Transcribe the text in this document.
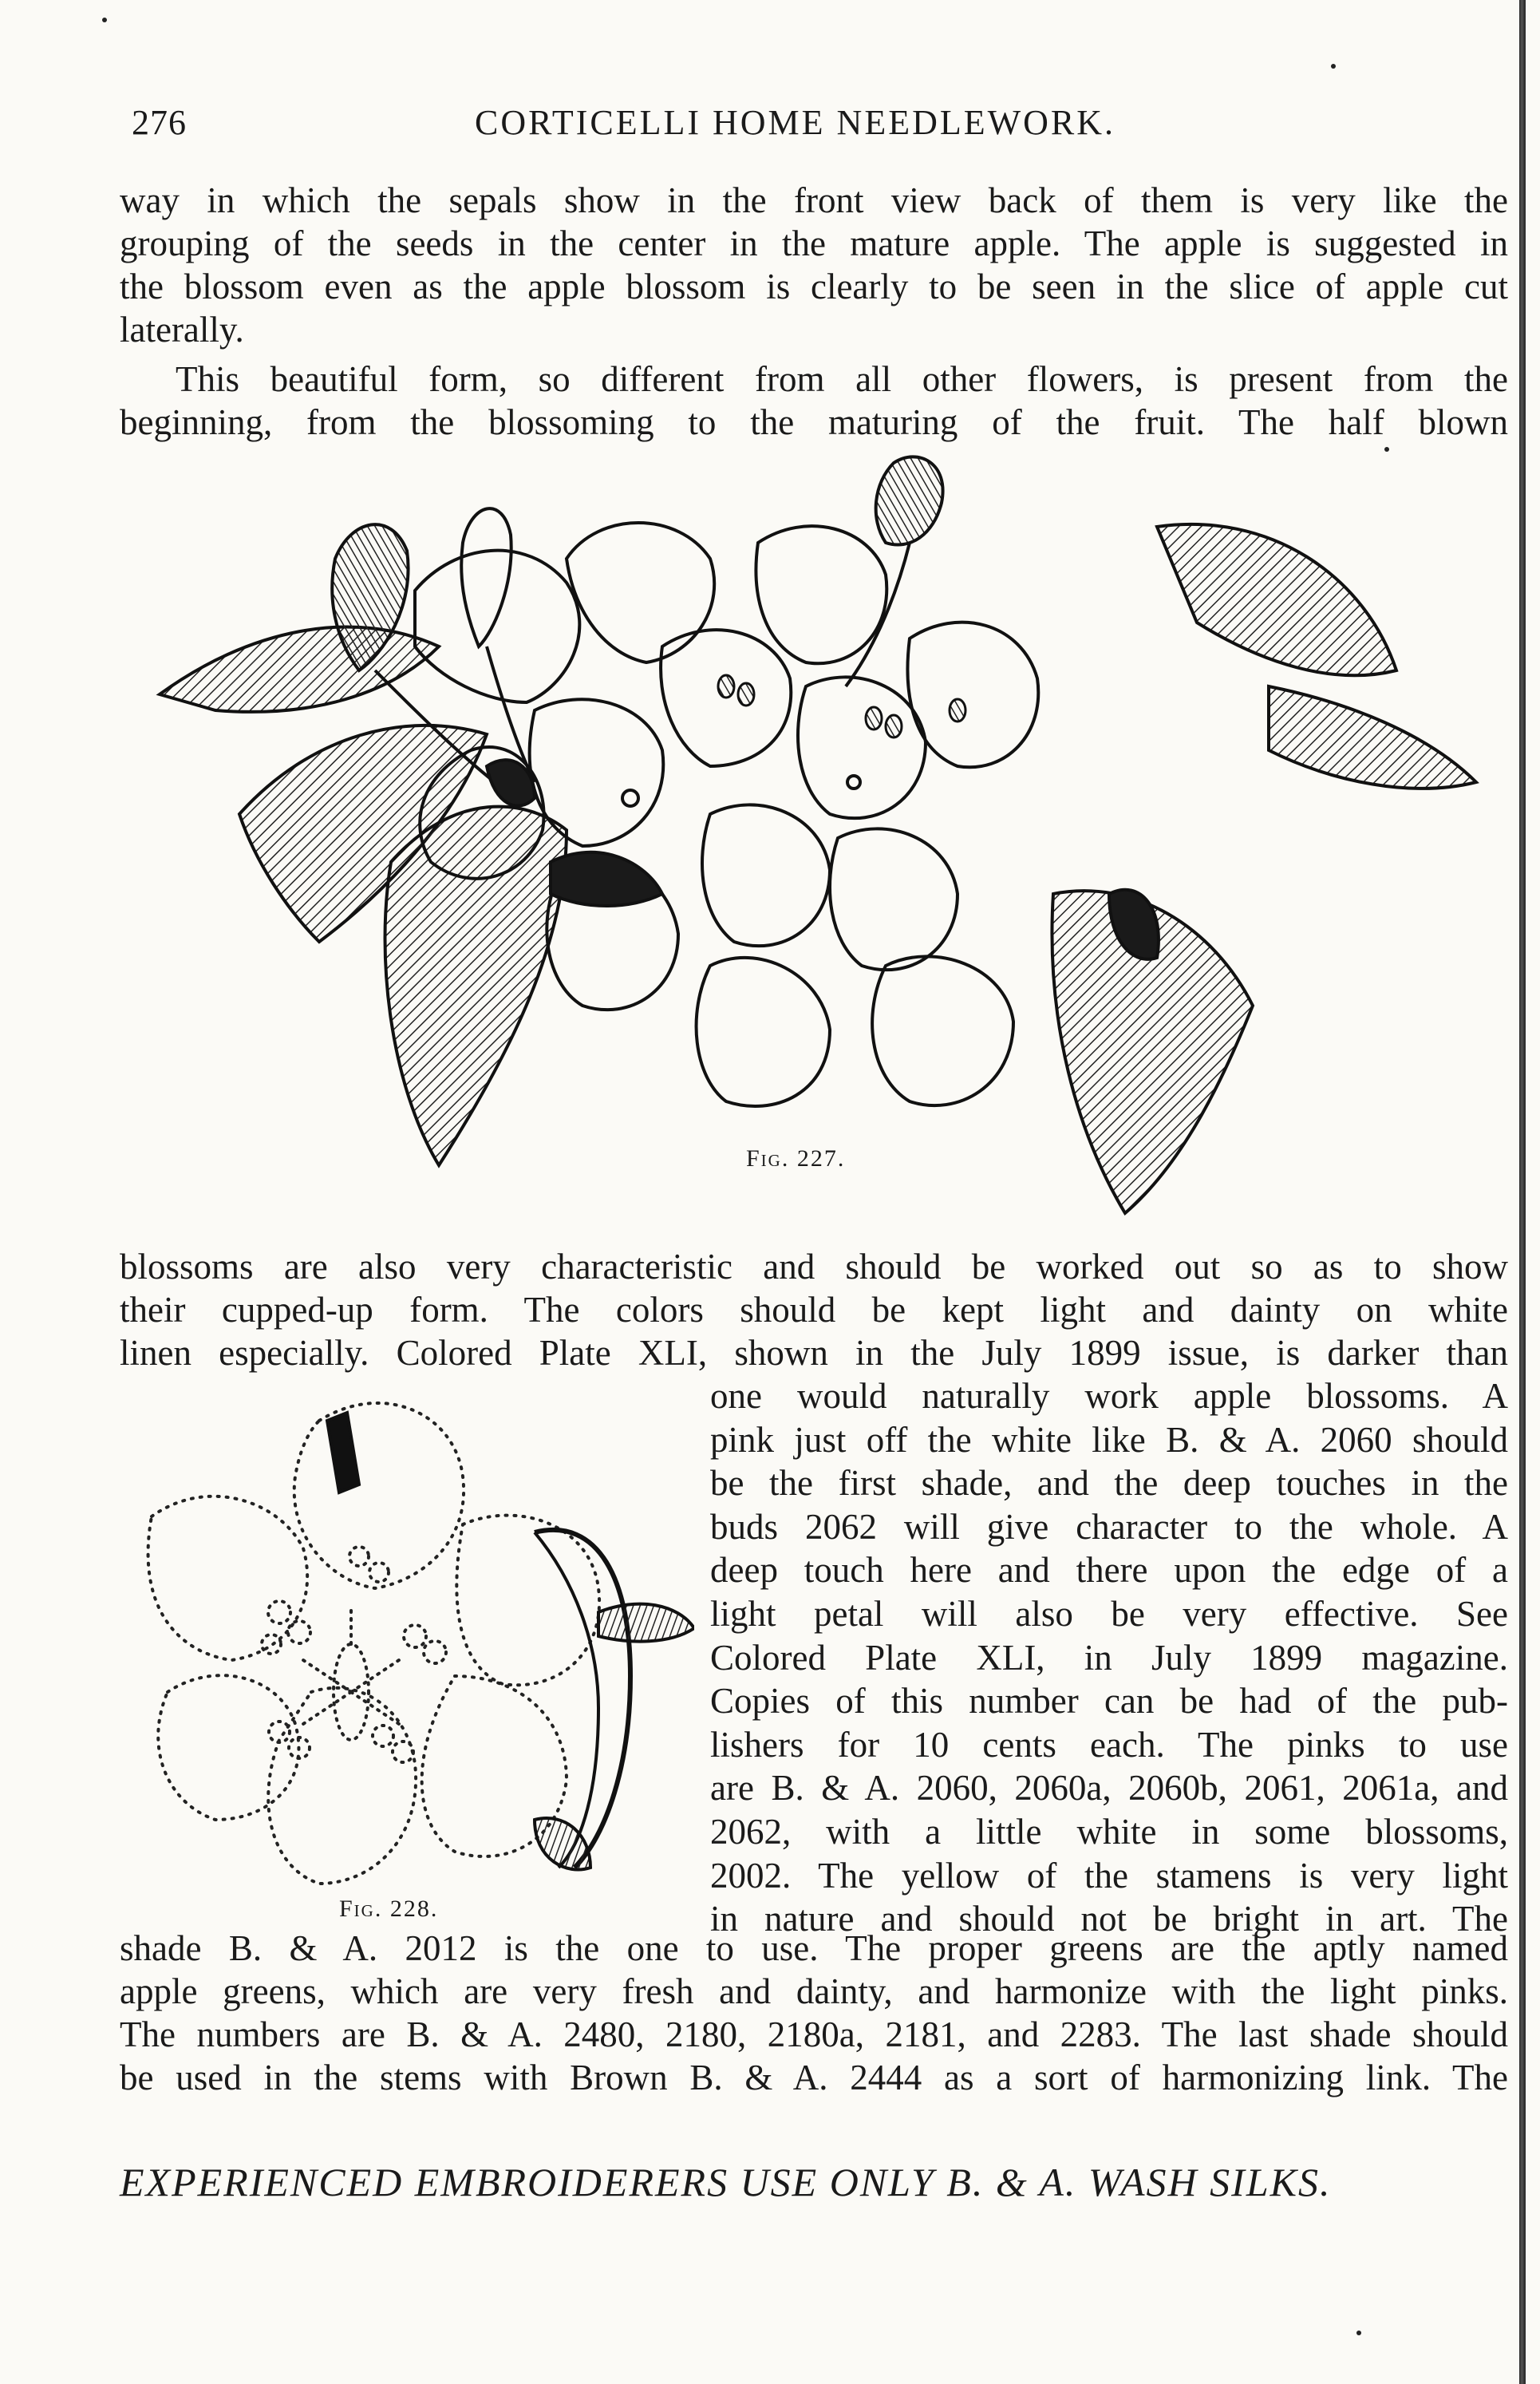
276	CORTICELLI HOME NEEDLEWORK.
way in which the sepals show in the front view back of them is very like the
grouping of the seeds in the center in the mature apple. The apple is suggested in
the blossom even as the apple blossom is clearly to be seen in the slice of apple cut
laterally.
This beautiful form, so different from all other flowers, is present from the
beginning, from the blossoming to the maturing of the fruit. The half blown
Fig. 227.
blossoms are also very characteristic and should be worked out so as to show
their cupped-up form. The colors should be kept light and dainty on white
linen especially. Colored Plate XLI, shown in the July 1899 issue, is darker than
Fig. 228.
one would naturally work apple blossoms. A
pink just off the white like B. & A. 2060 should
be the first shade, and the deep touches in the
buds 2062 will give character to the whole. A
deep touch here and there upon the edge of a
light petal will also be very effective. See
Colored Plate XLI, in July 1899 magazine.
Copies of this number can be had of the pub-
lishers for 10 cents each. The pinks to use
are B. & A. 2060, 2060a, 2060b, 2061, 2061a, and
2062, with a little white in some blossoms,
2002. The yellow of the stamens is very light
in nature and should not be bright in art. The
shade B. & A. 2012 is the one to use. The proper greens are the aptly named
apple greens, which are very fresh and dainty, and harmonize with the light pinks.
The numbers are B. & A. 2480, 2180, 2180a, 2181, and 2283. The last shade should
be used in the stems with Brown B. & A. 2444 as a sort of harmonizing link. The
EXPERIENCED EMBROIDERERS USE ONLY B. & A. WASH SILKS.
